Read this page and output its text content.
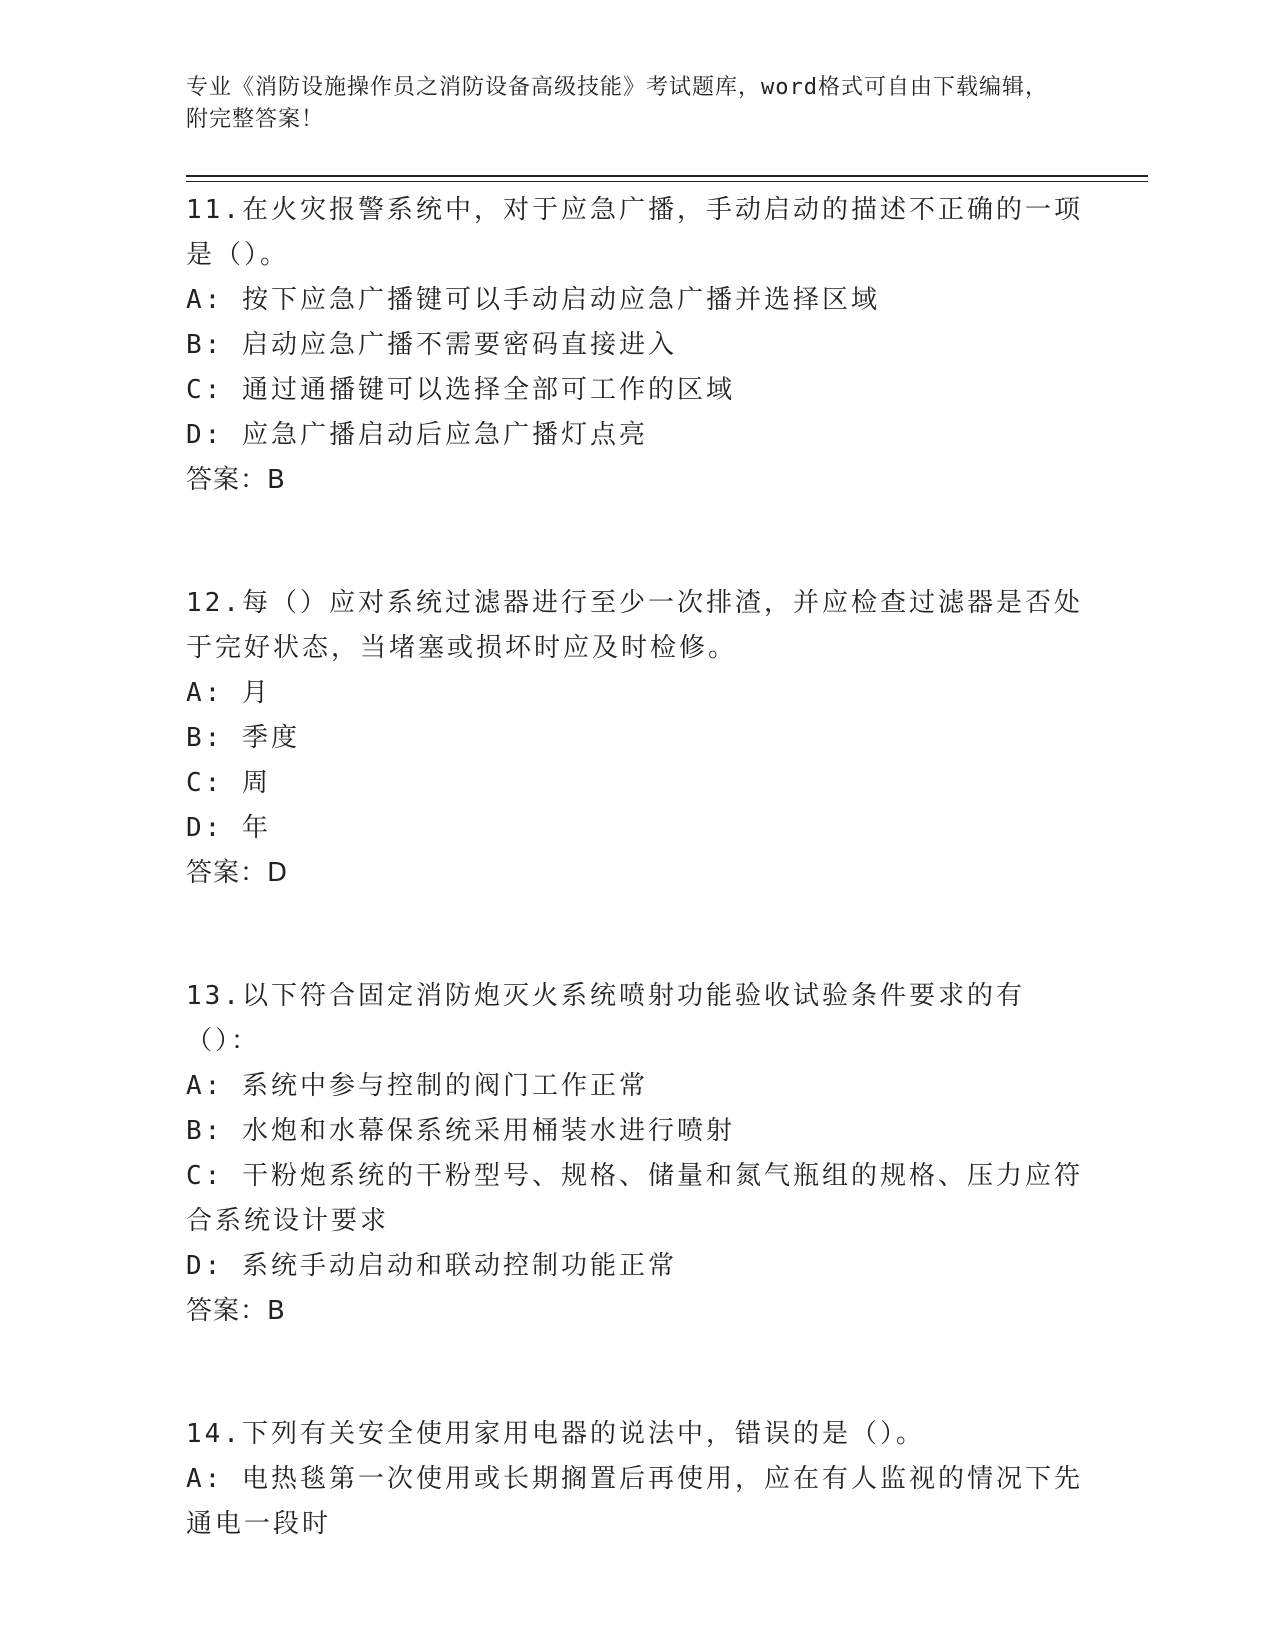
专业《消防设施操作员之消防设备高级技能》考试题库，word格式可自由下载编辑，附完整答案！

11.在火灾报警系统中，对于应急广播，手动启动的描述不正确的一项是（）。

A: 按下应急广播键可以手动启动应急广播并选择区域

B: 启动应急广播不需要密码直接进入

C: 通过通播键可以选择全部可工作的区域

D: 应急广播启动后应急广播灯点亮

答案：B

12.每（）应对系统过滤器进行至少一次排渣，并应检查过滤器是否处于完好状态，当堵塞或损坏时应及时检修。

A: 月

B: 季度

C: 周

D: 年

答案：D

13.以下符合固定消防炮灭火系统喷射功能验收试验条件要求的有（）：

A: 系统中参与控制的阀门工作正常

B: 水炮和水幕保系统采用桶装水进行喷射

C: 干粉炮系统的干粉型号、规格、储量和氮气瓶组的规格、压力应符合系统设计要求

D: 系统手动启动和联动控制功能正常

答案：B

14.下列有关安全使用家用电器的说法中，错误的是（）。

A: 电热毯第一次使用或长期搁置后再使用，应在有人监视的情况下先通电一段时
